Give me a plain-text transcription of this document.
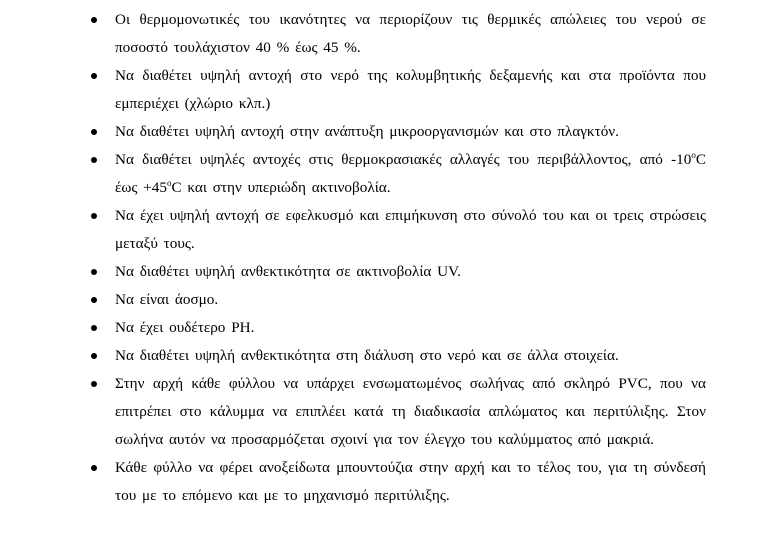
Οι θερμομονωτικές του ικανότητες να περιορίζουν τις θερμικές απώλειες του νερού σε ποσοστό τουλάχιστον 40 % έως 45 %.
Να διαθέτει υψηλή αντοχή στο νερό της κολυμβητικής δεξαμενής και στα προϊόντα που εμπεριέχει (χλώριο κλπ.)
Να διαθέτει υψηλή αντοχή στην ανάπτυξη μικροοργανισμών και στο πλαγκτόν.
Να διαθέτει υψηλές αντοχές στις θερμοκρασιακές αλλαγές του περιβάλλοντος, από -10$^o$C $έ\omega\varsigma +45^oC$ και στην υπεριώδη ακτινοβολία.
Να έχει υψηλή αντοχή σε εφελκυσμό και επιμήκυνση στο σύνολό του και οι τρεις στρώσεις μεταξύ τους.
Να διαθέτει υψηλή ανθεκτικότητα σε ακτινοβολία UV.
Να είναι άοσμο.
Να έχει ουδέτερο PH.
Να διαθέτει υψηλή ανθεκτικότητα στη διάλυση στο νερό και σε άλλα στοιχεία.
Στην αρχή κάθε φύλλου να υπάρχει ενσωματωμένος σωλήνας από σκληρό PVC, που να επιτρέπει στο κάλυμμα να επιπλέει κατά τη διαδικασία απλώματος και περιτύλιξης. Στον σωλήνα αυτόν να προσαρμόζεται σχοινί για τον έλεγχο του καλύμματος από μακριά.
Κάθε φύλλο να φέρει ανοξείδωτα μπουντούζια στην αρχή και το τέλος του, για τη σύνδεσή του με το επόμενο και με το μηχανισμό περιτύλιξης.
